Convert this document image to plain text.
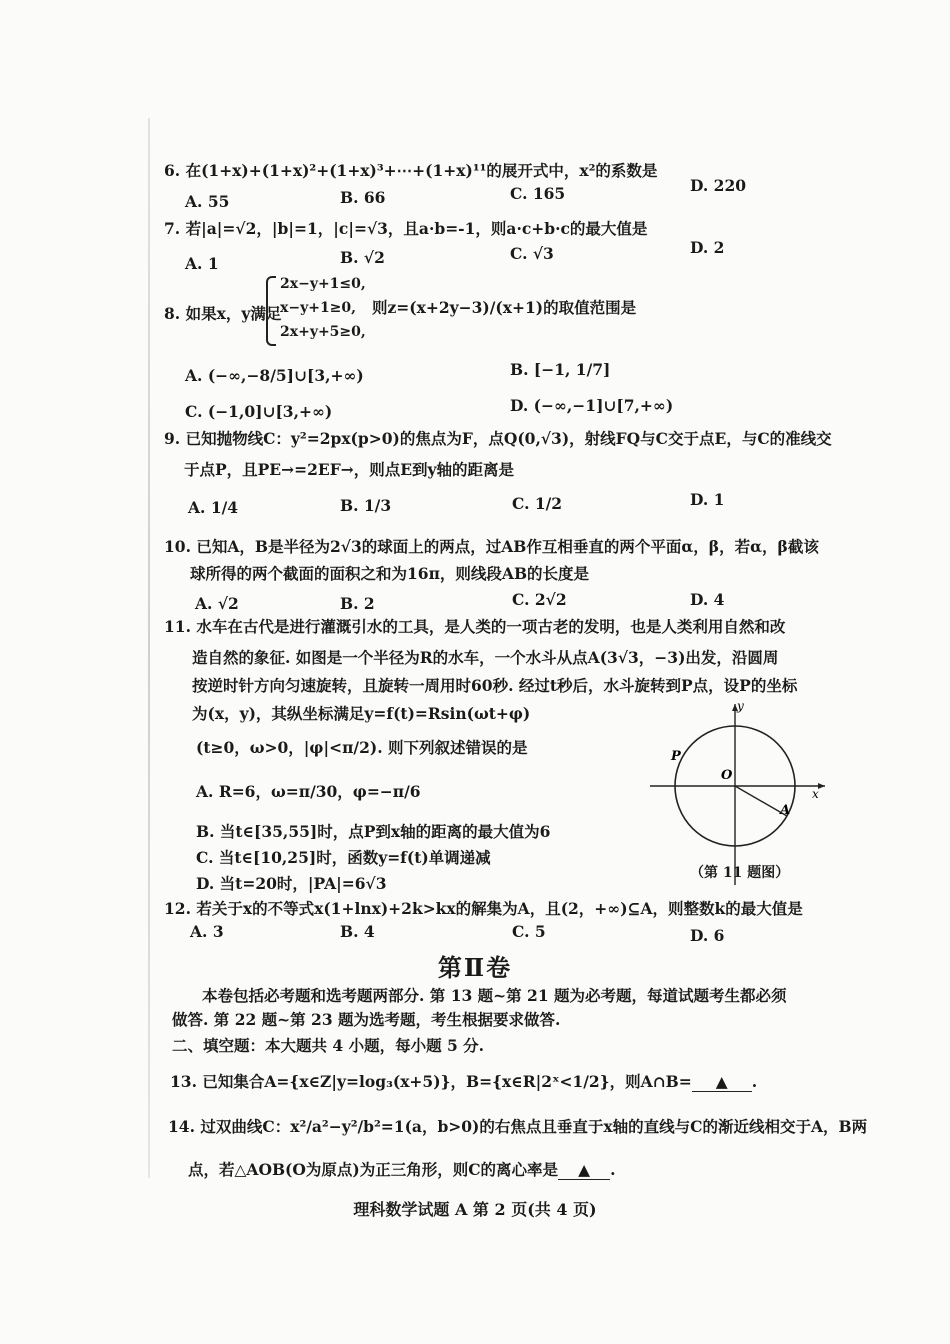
6. 在(1+x)+(1+x)²+(1+x)³+⋯+(1+x)¹¹的展开式中，x²的系数是
A. 55	B. 66	C. 165	D. 220
7. 若|a|=√2，|b|=1，|c|=√3，且a·b=-1，则a·c+b·c的最大值是
A. 1	B. √2	C. √3	D. 2
8. 如果x，y满足
2x−y+1≤0,
x−y+1≥0,
2x+y+5≥0,
则z=(x+2y−3)/(x+1)的取值范围是
A. (−∞,−8/5]∪[3,+∞)	B. [−1, 1/7]
C. (−1,0]∪[3,+∞)	D. (−∞,−1]∪[7,+∞)
9. 已知抛物线C：y²=2px(p>0)的焦点为F，点Q(0,√3)，射线FQ与C交于点E，与C的准线交
于点P，且PE→=2EF→，则点E到y轴的距离是
A. 1/4	B. 1/3	C. 1/2	D. 1
10. 已知A，B是半径为2√3的球面上的两点，过AB作互相垂直的两个平面α，β，若α，β截该
球所得的两个截面的面积之和为16π，则线段AB的长度是
A. √2	B. 2	C. 2√2	D. 4
11. 水车在古代是进行灌溉引水的工具，是人类的一项古老的发明，也是人类利用自然和改
造自然的象征. 如图是一个半径为R的水车，一个水斗从点A(3√3，−3)出发，沿圆周
按逆时针方向匀速旋转，且旋转一周用时60秒. 经过t秒后，水斗旋转到P点，设P的坐标
为(x，y)，其纵坐标满足y=f(t)=Rsin(ωt+φ)
(t≥0，ω>0，|φ|<π/2). 则下列叙述错误的是
A. R=6，ω=π/30，φ=−π/6
B. 当t∈[35,55]时，点P到x轴的距离的最大值为6
C. 当t∈[10,25]时，函数y=f(t)单调递减
D. 当t=20时，|PA|=6√3
y
x
O
P
A
（第 11 题图）
12. 若关于x的不等式x(1+lnx)+2k>kx的解集为A，且(2，+∞)⊆A，则整数k的最大值是
A. 3	B. 4	C. 5	D. 6
第Ⅱ卷
本卷包括必考题和选考题两部分. 第 13 题~第 21 题为必考题，每道试题考生都必须
做答. 第 22 题~第 23 题为选考题，考生根据要求做答.
二、填空题：本大题共 4 小题，每小题 5 分.
13. 已知集合A={x∈Z|y=log₃(x+5)}，B={x∈R|2ˣ<1/2}，则A∩B= ▲ .
14. 过双曲线C：x²/a²−y²/b²=1(a，b>0)的右焦点且垂直于x轴的直线与C的渐近线相交于A，B两
点，若△AOB(O为原点)为正三角形，则C的离心率是 ▲ .
理科数学试题 A 第 2 页(共 4 页)
